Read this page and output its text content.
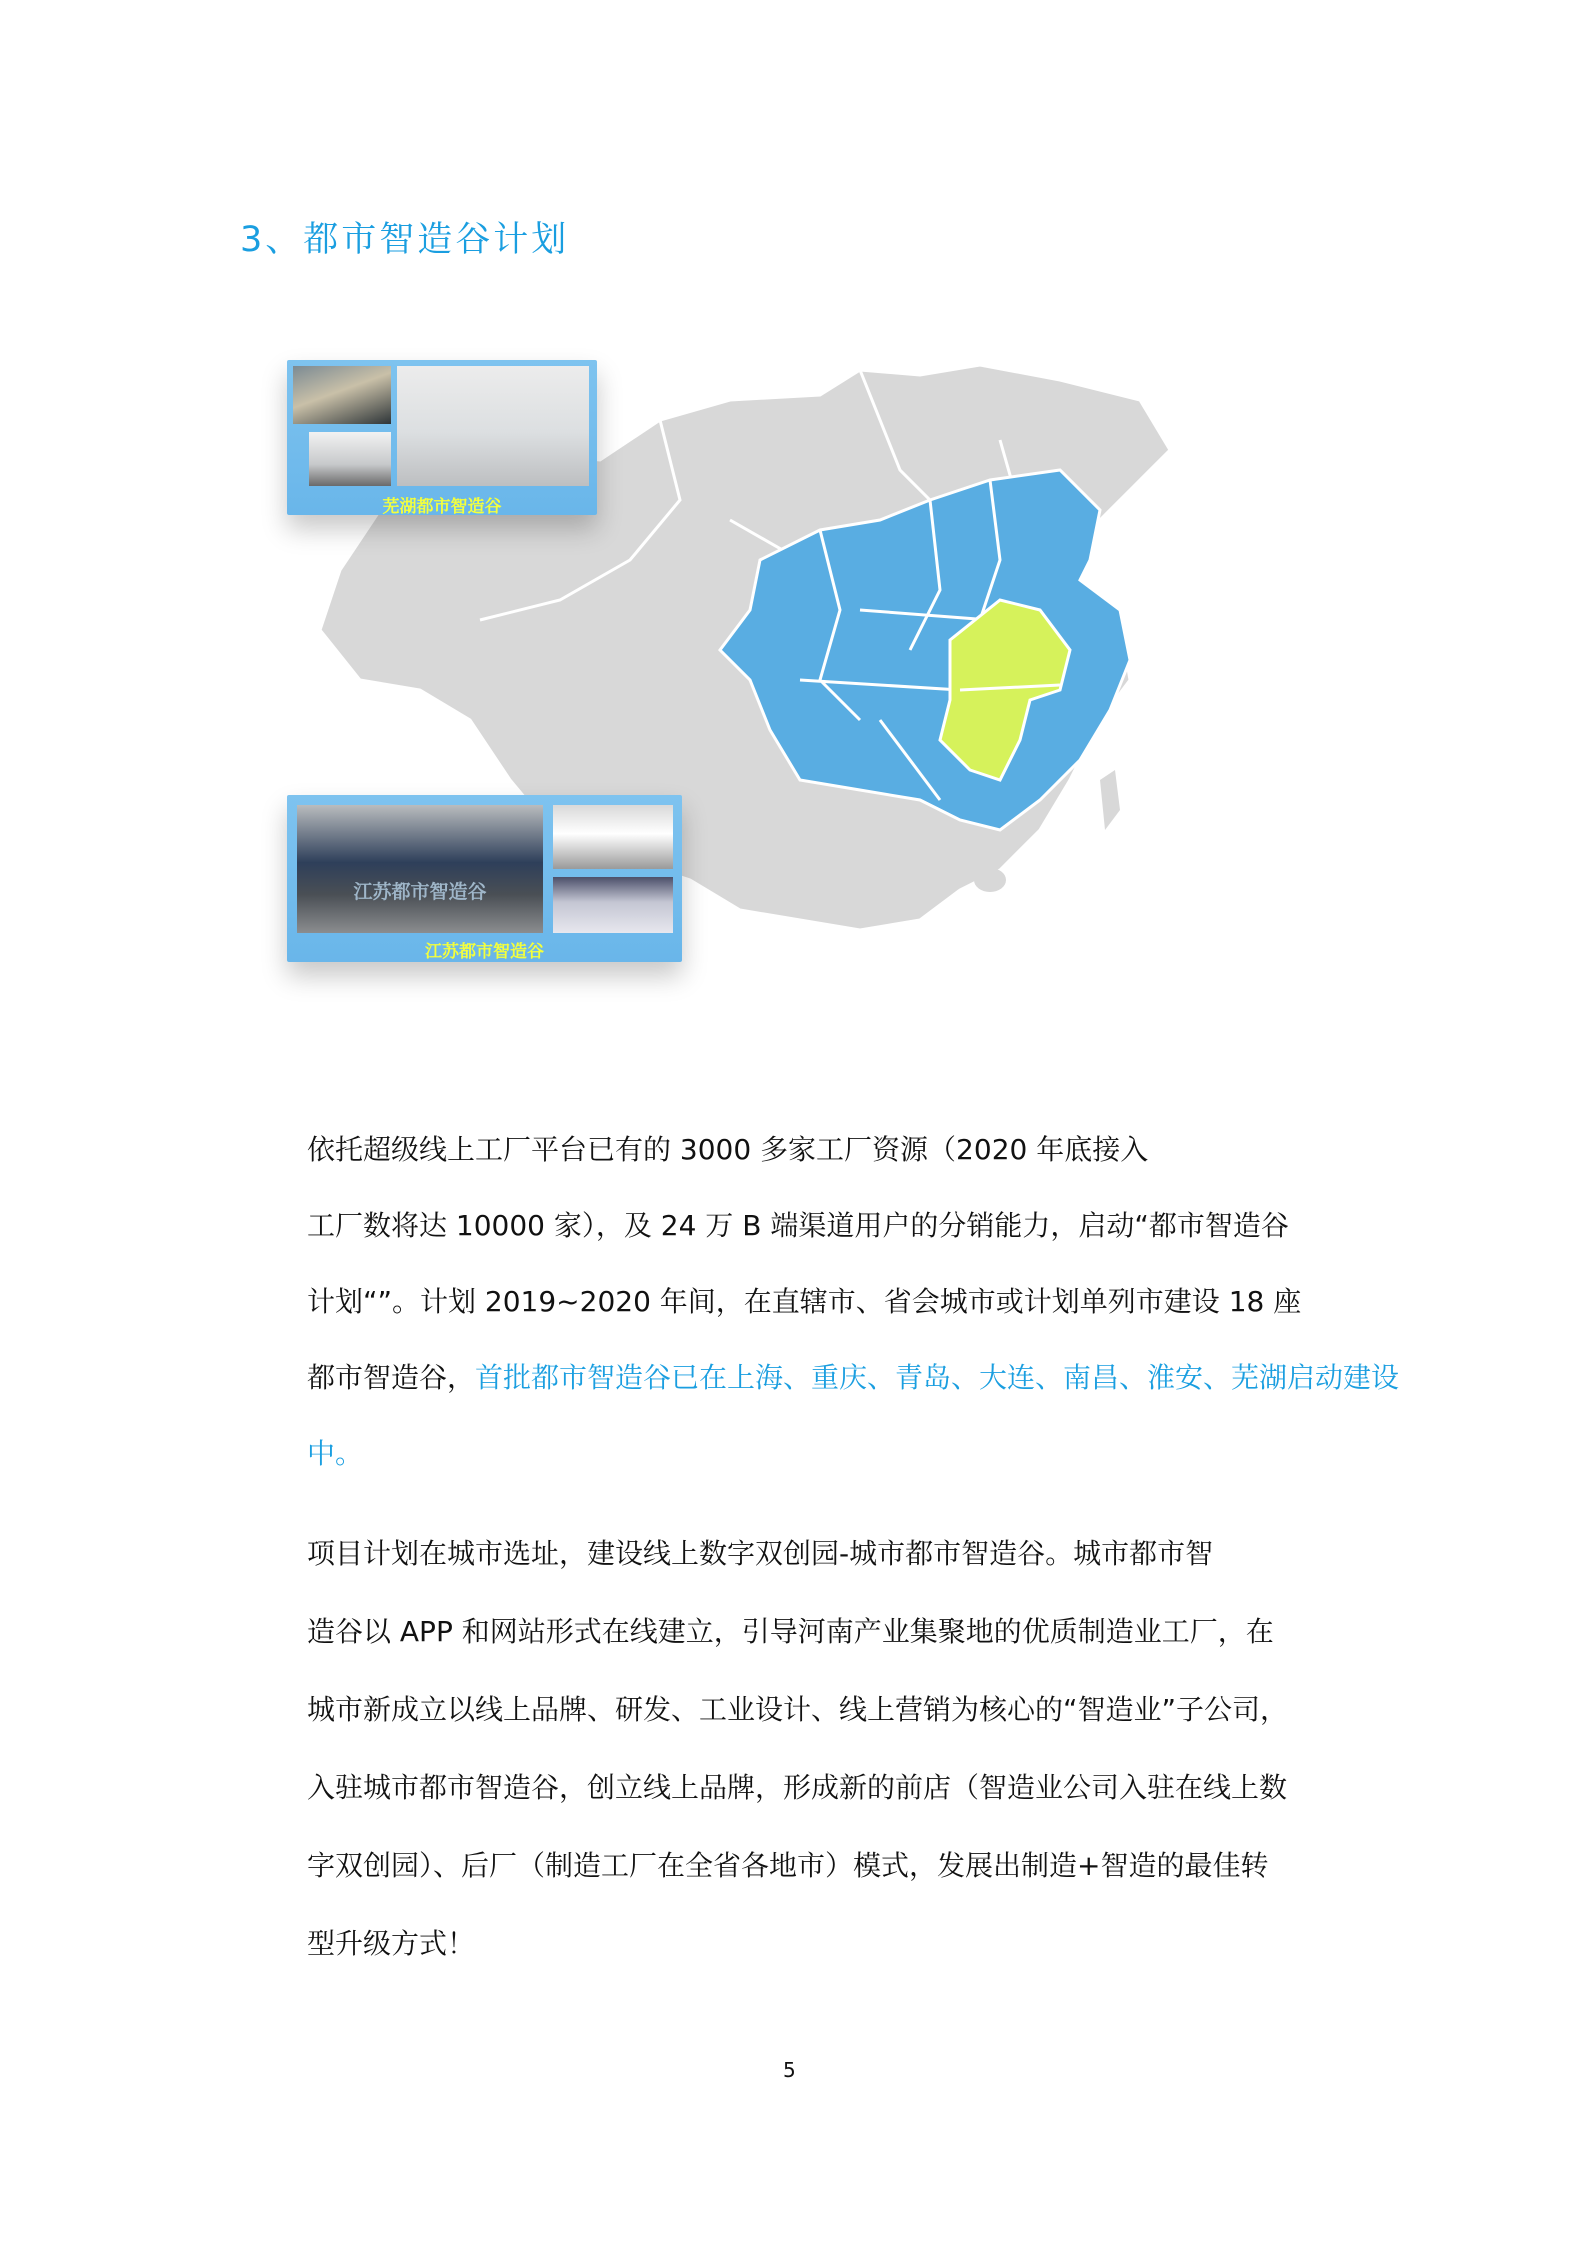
3、都市智造谷计划
芜湖都市智造谷
江苏都市智造谷
江苏都市智造谷
依托超级线上工厂平台已有的 3000 多家工厂资源（2020 年底接入
工厂数将达 10000 家），及 24 万 B 端渠道用户的分销能力，启动“都市智造谷
计划“”。计划 2019~2020 年间，在直辖市、省会城市或计划单列市建设 18 座
都市智造谷，首批都市智造谷已在上海、重庆、青岛、大连、南昌、淮安、芜湖启动建设
中。
项目计划在城市选址，建设线上数字双创园-城市都市智造谷。城市都市智
造谷以 APP 和网站形式在线建立，引导河南产业集聚地的优质制造业工厂，在
城市新成立以线上品牌、研发、工业设计、线上营销为核心的“智造业”子公司，
入驻城市都市智造谷，创立线上品牌，形成新的前店（智造业公司入驻在线上数
字双创园）、后厂（制造工厂在全省各地市）模式，发展出制造+智造的最佳转
型升级方式！
5
